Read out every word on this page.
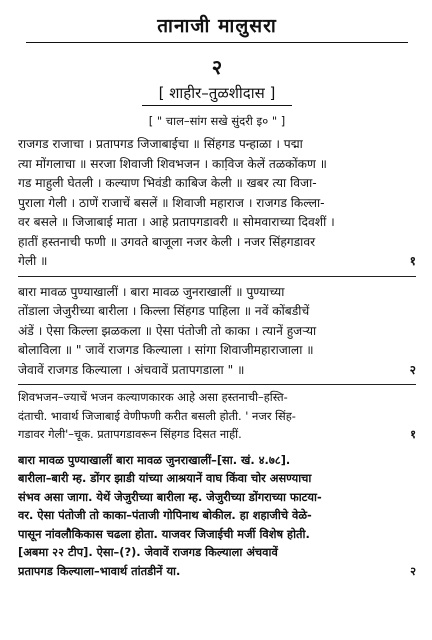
तानाजी मालुसरा
२
[ शाहीर–तुळशीदास ]
[ " चाल–सांग सखे सुंदरी इ० " ]
राजगड राजाचा । प्रतापगड जिजाबाईचा ॥ सिंहगड पन्हाळा । पद्मा
त्या मोंगलाचा ॥ सरजा शिवाजी शिवभजन । कावि़ज केलें तळकोंकण ॥
गड माहुली घेतली । कल्याण भिवंडी काबिज केली ॥ खबर त्या विजा-
पुराला गेली । ठाणें राजाचें बसलें ॥ शिवाजी महाराज । राजगड किल्ला-
वर बसले ॥ जिजाबाई माता । आहे प्रतापगडावरी ॥ सोमवाराच्या दिवशीं ।
हातीं हस्तनाची फणी ॥ उगवते बाजूला नजर केली । नजर सिंहगडावर
गेली ॥	१
बारा मावळ पुण्याखालीं । बारा मावळ जुनराखालीं ॥ पुण्याच्या
तोंडाला जेजुरीच्या बारीला । किल्ला सिंहगड पाहिला ॥ नवें कोंबडीचें
अंडें । ऐसा किल्ला झळकला ॥ ऐसा पंतोजी तो काका । त्यानें हुजऱ्या
बोलाविला ॥ " जावें राजगड किल्याला । सांगा शिवाजीमहाराजाला ॥
जेवावें राजगड किल्याला । अंचवावें प्रतापगडाला " ॥	२
शिवभजन–ज्याचें भजन कल्याणकारक आहे असा हस्तनाची–हस्ति-
दंताची. भावार्थ जिजाबाई वेणीफणी करीत बसली होती. ' नजर सिंह-
गडावर गेली'–चूक. प्रतापगडावरून सिंहगड दिसत नाहीं.	१
बारा मावळ पुण्याखालीं बारा मावळ जुनराखालीं–[सा. खं. ४.७८].
बारीला–बारी म्ह. डोंगर झाडी यांच्या आश्रयानें वाघ किंवा चोर असण्याचा
संभव असा जागा. येथें जेजुरीच्या बारीला म्ह. जेजुरीच्या डोंगराच्या फाटया-
वर. ऐसा पंतोजी तो काका–पंताजी गोपिनाथ बोकील. हा शहाजीचे वेळे-
पासून नांवलौकिकास चढला होता. याजवर जिजाईची मर्जी विशेष होती.
[अबमा २२ टीप]. ऐसा–(?). जेवावें राजगड किल्याला अंचवावें
प्रतापगड किल्याला–भावार्थ तांतडीनें या.	२
